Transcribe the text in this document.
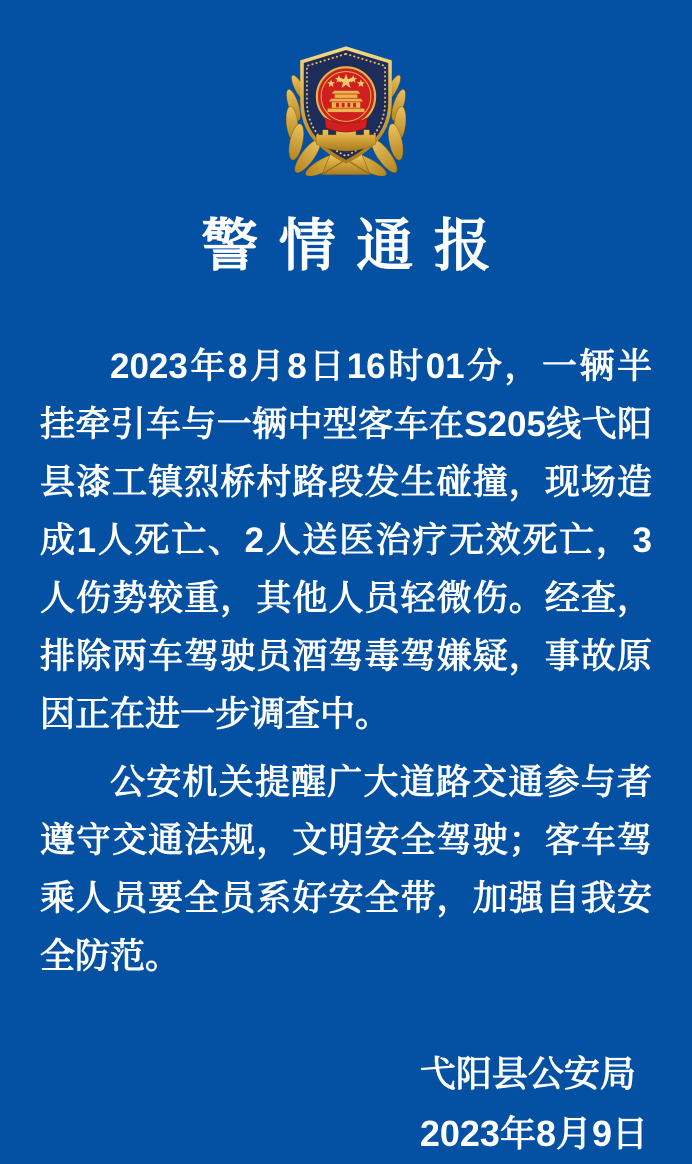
警情通报

2023年8月8日16时01分，一辆半挂牵引车与一辆中型客车在S205线弋阳县漆工镇烈桥村路段发生碰撞，现场造成1人死亡、2人送医治疗无效死亡，3人伤势较重，其他人员轻微伤。经查，排除两车驾驶员酒驾毒驾嫌疑，事故原因正在进一步调查中。

公安机关提醒广大道路交通参与者遵守交通法规，文明安全驾驶；客车驾乘人员要全员系好安全带，加强自我安全防范。

弋阳县公安局
2023年8月9日
